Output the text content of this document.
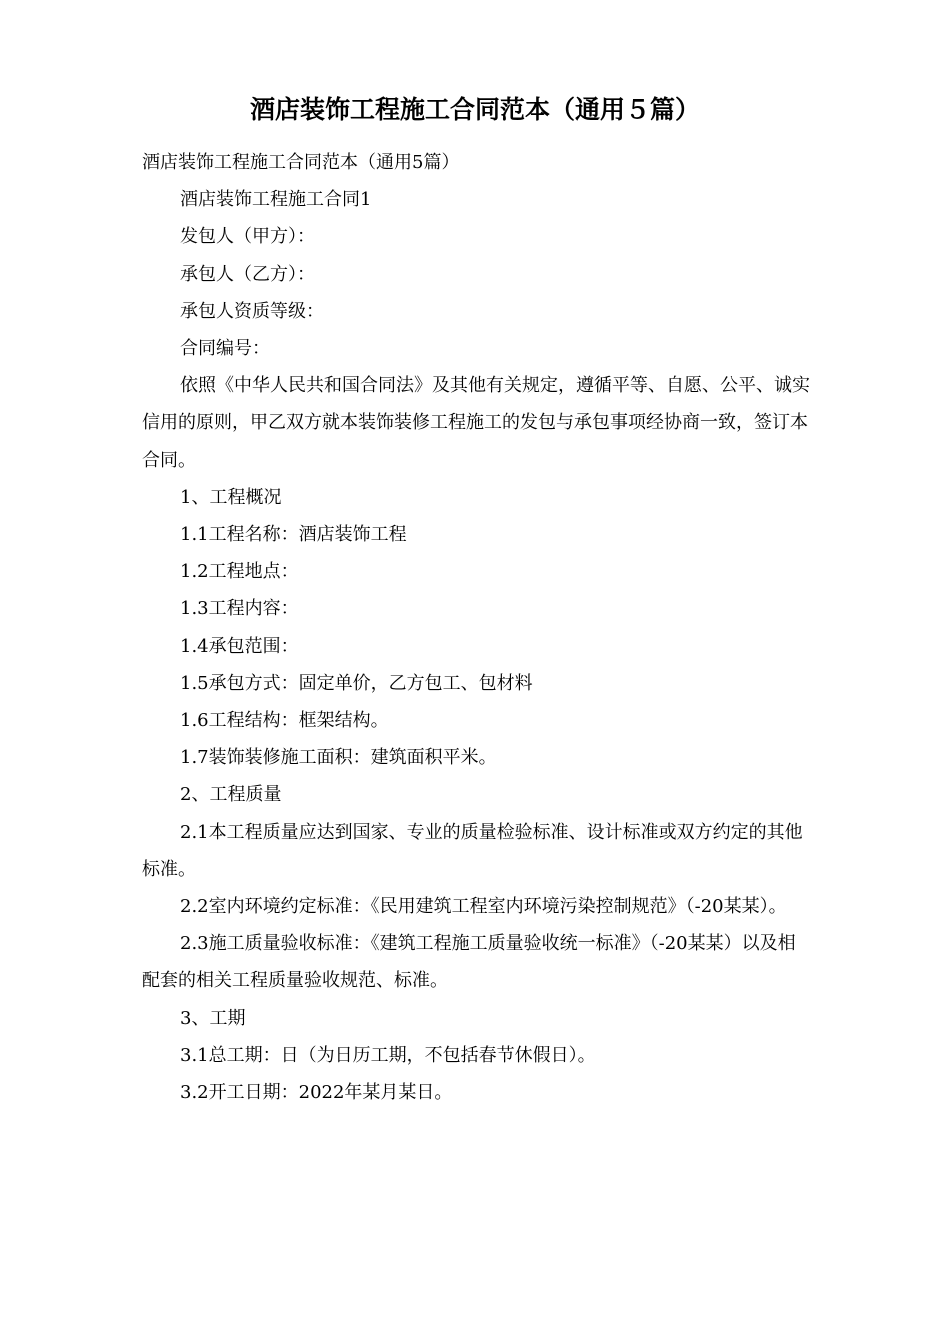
酒店装饰工程施工合同范本（通用５篇）

酒店装饰工程施工合同范本（通用5篇）

酒店装饰工程施工合同1

发包人（甲方）：

承包人（乙方）：

承包人资质等级：

合同编号：

依照《中华人民共和国合同法》及其他有关规定，遵循平等、自愿、公平、诚实信用的原则，甲乙双方就本装饰装修工程施工的发包与承包事项经协商一致，签订本合同。

1、工程概况

1.1工程名称：酒店装饰工程

1.2工程地点：

1.3工程内容：

1.4承包范围：

1.5承包方式：固定单价，乙方包工、包材料

1.6工程结构：框架结构。

1.7装饰装修施工面积：建筑面积平米。

2、工程质量

2.1本工程质量应达到国家、专业的质量检验标准、设计标准或双方约定的其他标准。

2.2室内环境约定标准：《民用建筑工程室内环境污染控制规范》（-20某某）。

2.3施工质量验收标准：《建筑工程施工质量验收统一标准》（-20某某）以及相配套的相关工程质量验收规范、标准。

3、工期

3.1总工期：日（为日历工期，不包括春节休假日）。

3.2开工日期：2022年某月某日。
